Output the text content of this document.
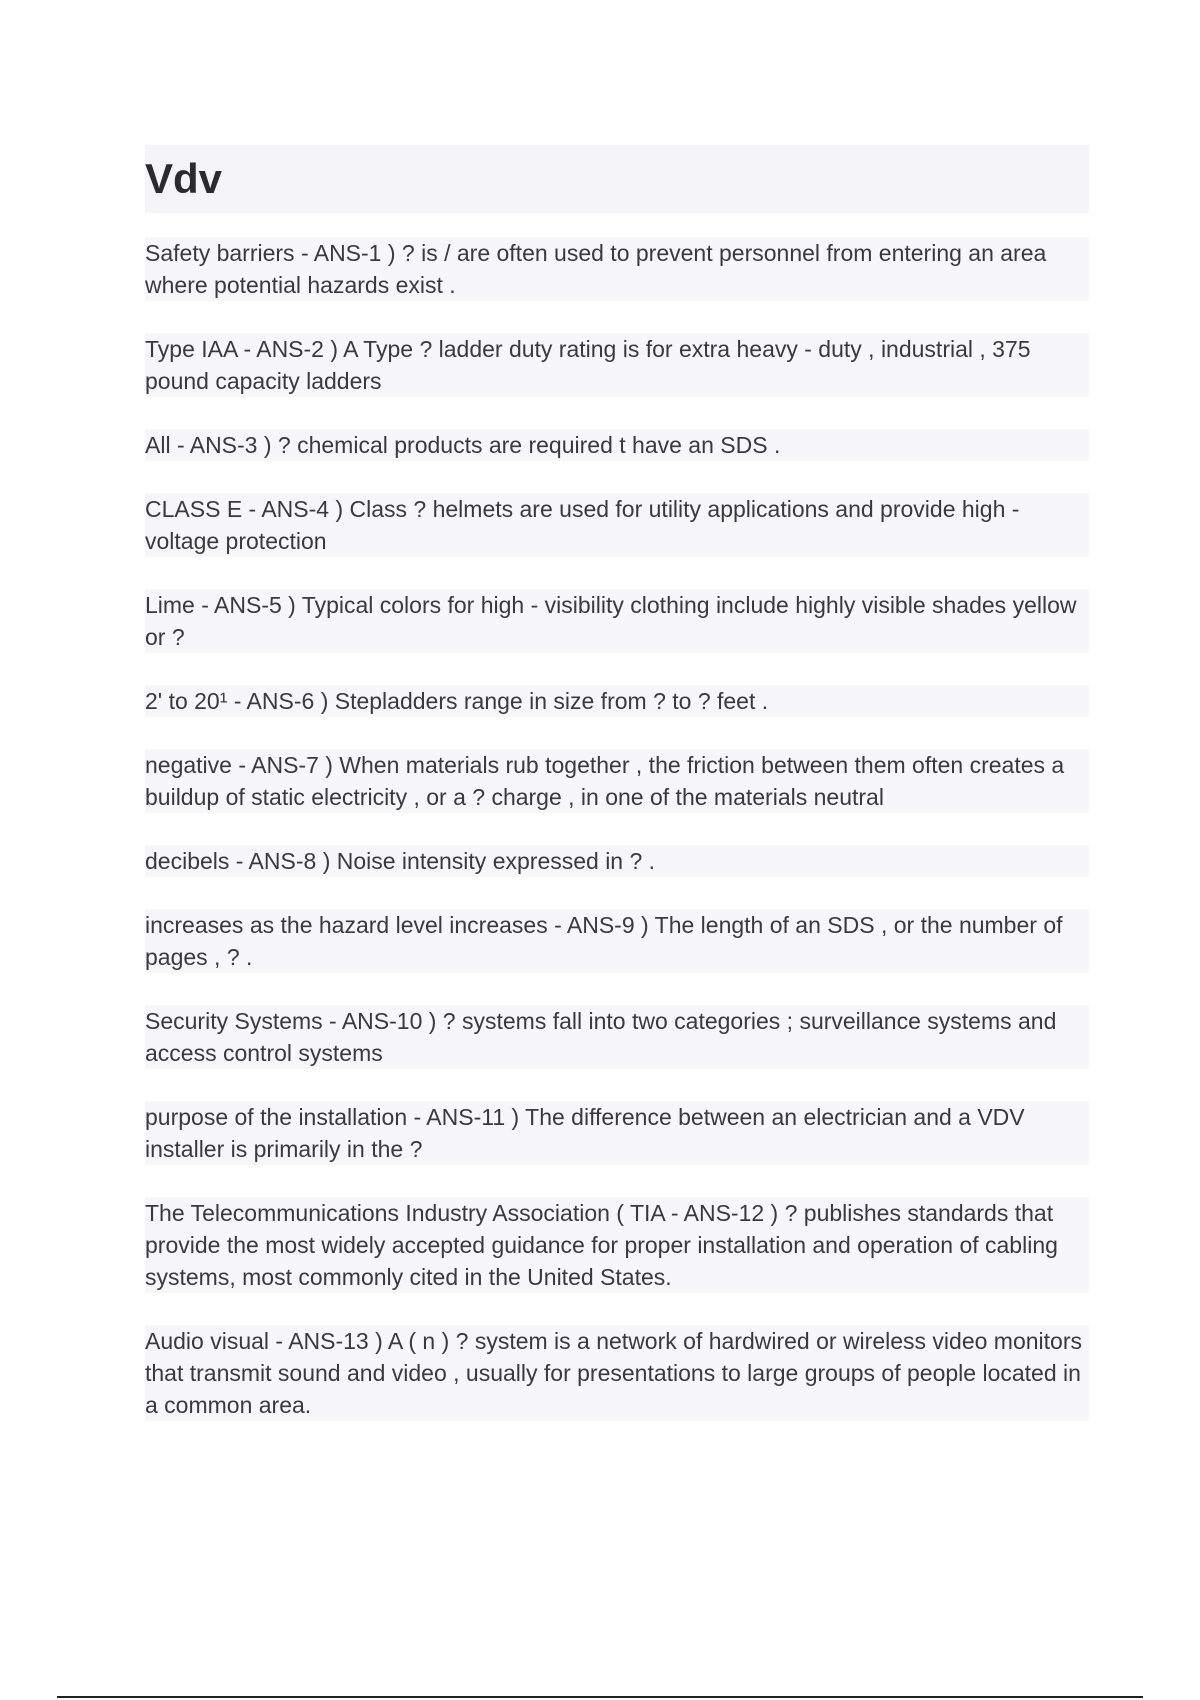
Vdv

Safety barriers - ANS-1 ) ? is / are often used to prevent personnel from entering an area where potential hazards exist .

Type IAA - ANS-2 ) A Type ? ladder duty rating is for extra heavy - duty , industrial , 375 pound capacity ladders

All - ANS-3 ) ? chemical products are required t have an SDS .

CLASS E - ANS-4 ) Class ? helmets are used for utility applications and provide high - voltage protection

Lime - ANS-5 ) Typical colors for high - visibility clothing include highly visible shades yellow or ?

2' to 20¹ - ANS-6 ) Stepladders range in size from ? to ? feet .

negative - ANS-7 ) When materials rub together , the friction between them often creates a buildup of static electricity , or a ? charge , in one of the materials neutral

decibels - ANS-8 ) Noise intensity expressed in ? .

increases as the hazard level increases - ANS-9 ) The length of an SDS , or the number of pages , ? .

Security Systems - ANS-10 ) ? systems fall into two categories ; surveillance systems and access control systems

purpose of the installation - ANS-11 ) The difference between an electrician and a VDV installer is primarily in the ?

The Telecommunications Industry Association ( TIA - ANS-12 ) ? publishes standards that provide the most widely accepted guidance for proper installation and operation of cabling systems, most commonly cited in the United States.

Audio visual - ANS-13 ) A ( n ) ? system is a network of hardwired or wireless video monitors that transmit sound and video , usually for presentations to large groups of people located in a common area.
